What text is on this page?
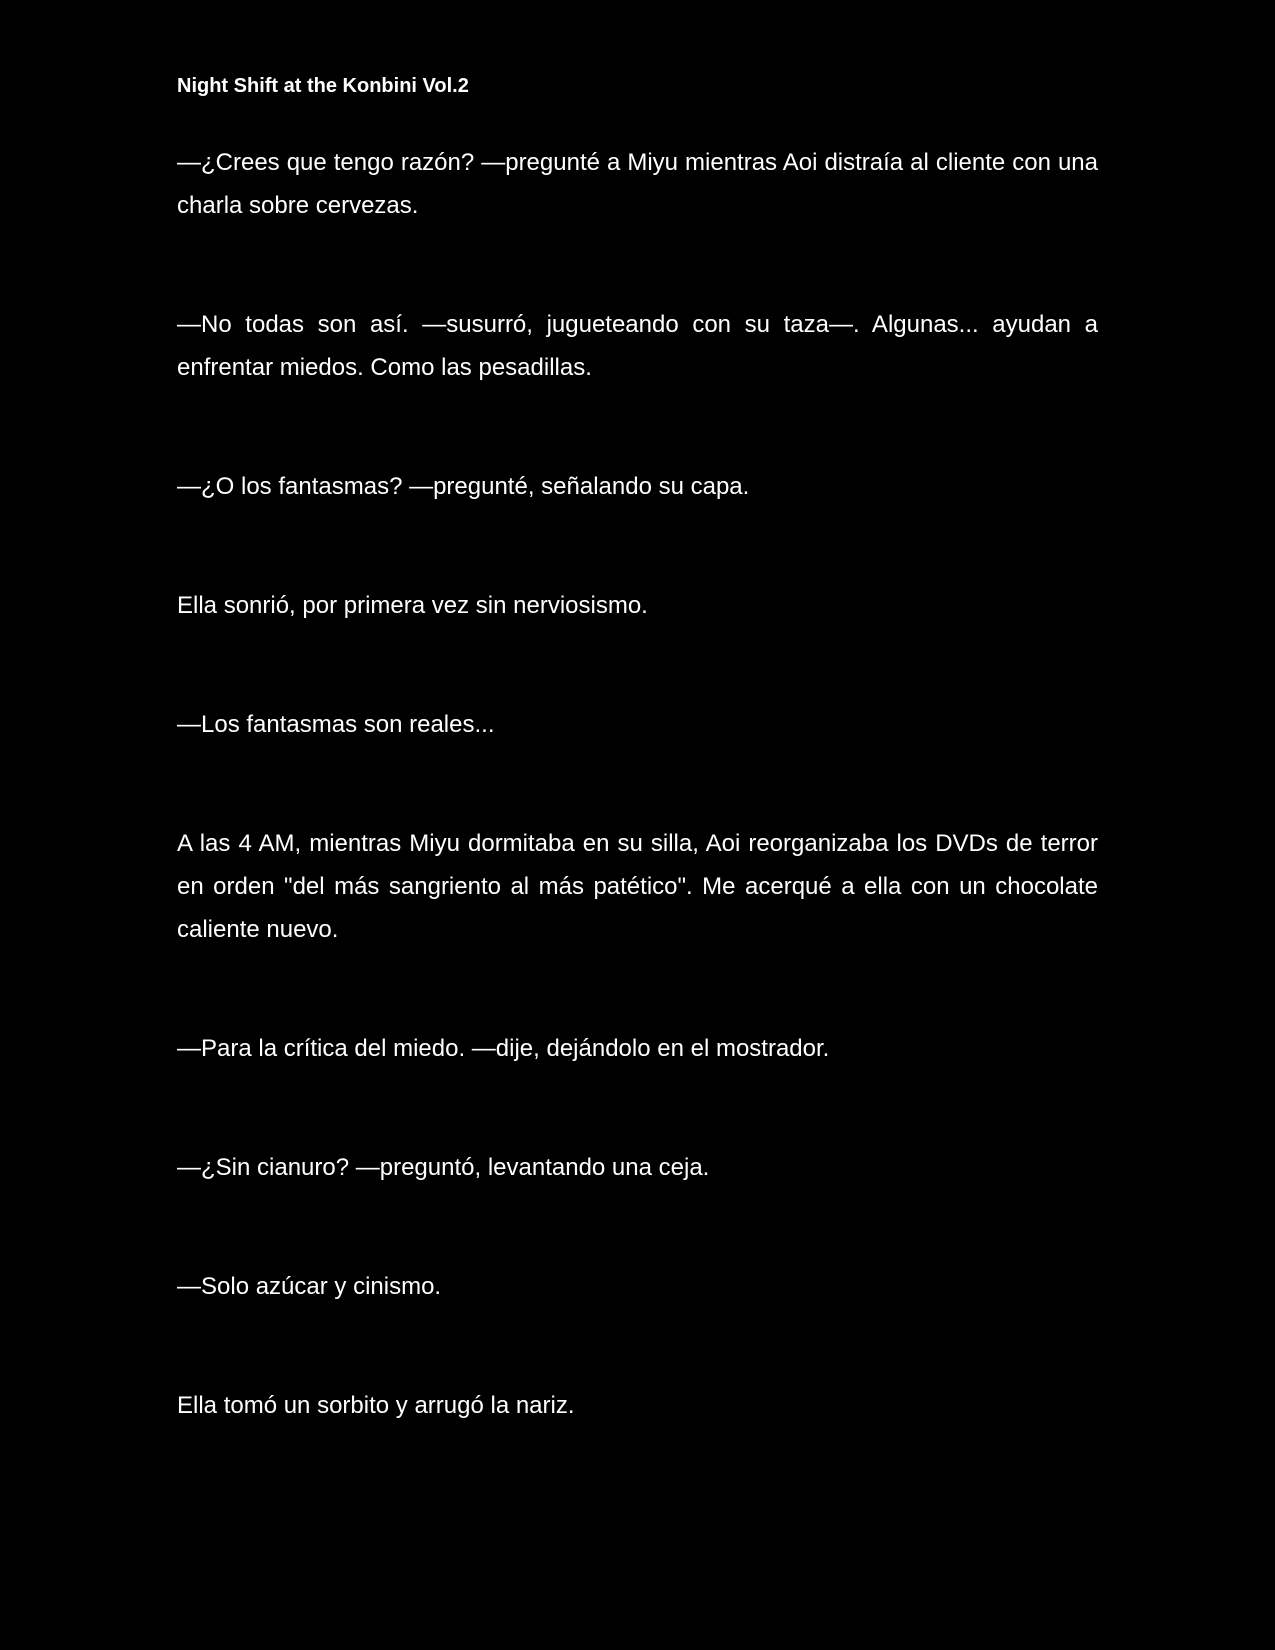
Night Shift at the Konbini Vol.2

—¿Crees que tengo razón? —pregunté a Miyu mientras Aoi distraía al cliente con una charla sobre cervezas.

—No todas son así. —susurró, jugueteando con su taza—. Algunas... ayudan a enfrentar miedos. Como las pesadillas.

—¿O los fantasmas? —pregunté, señalando su capa.

Ella sonrió, por primera vez sin nerviosismo.

—Los fantasmas son reales...

A las 4 AM, mientras Miyu dormitaba en su silla, Aoi reorganizaba los DVDs de terror en orden "del más sangriento al más patético". Me acerqué a ella con un chocolate caliente nuevo.

—Para la crítica del miedo. —dije, dejándolo en el mostrador.

—¿Sin cianuro? —preguntó, levantando una ceja.

—Solo azúcar y cinismo.

Ella tomó un sorbito y arrugó la nariz.
